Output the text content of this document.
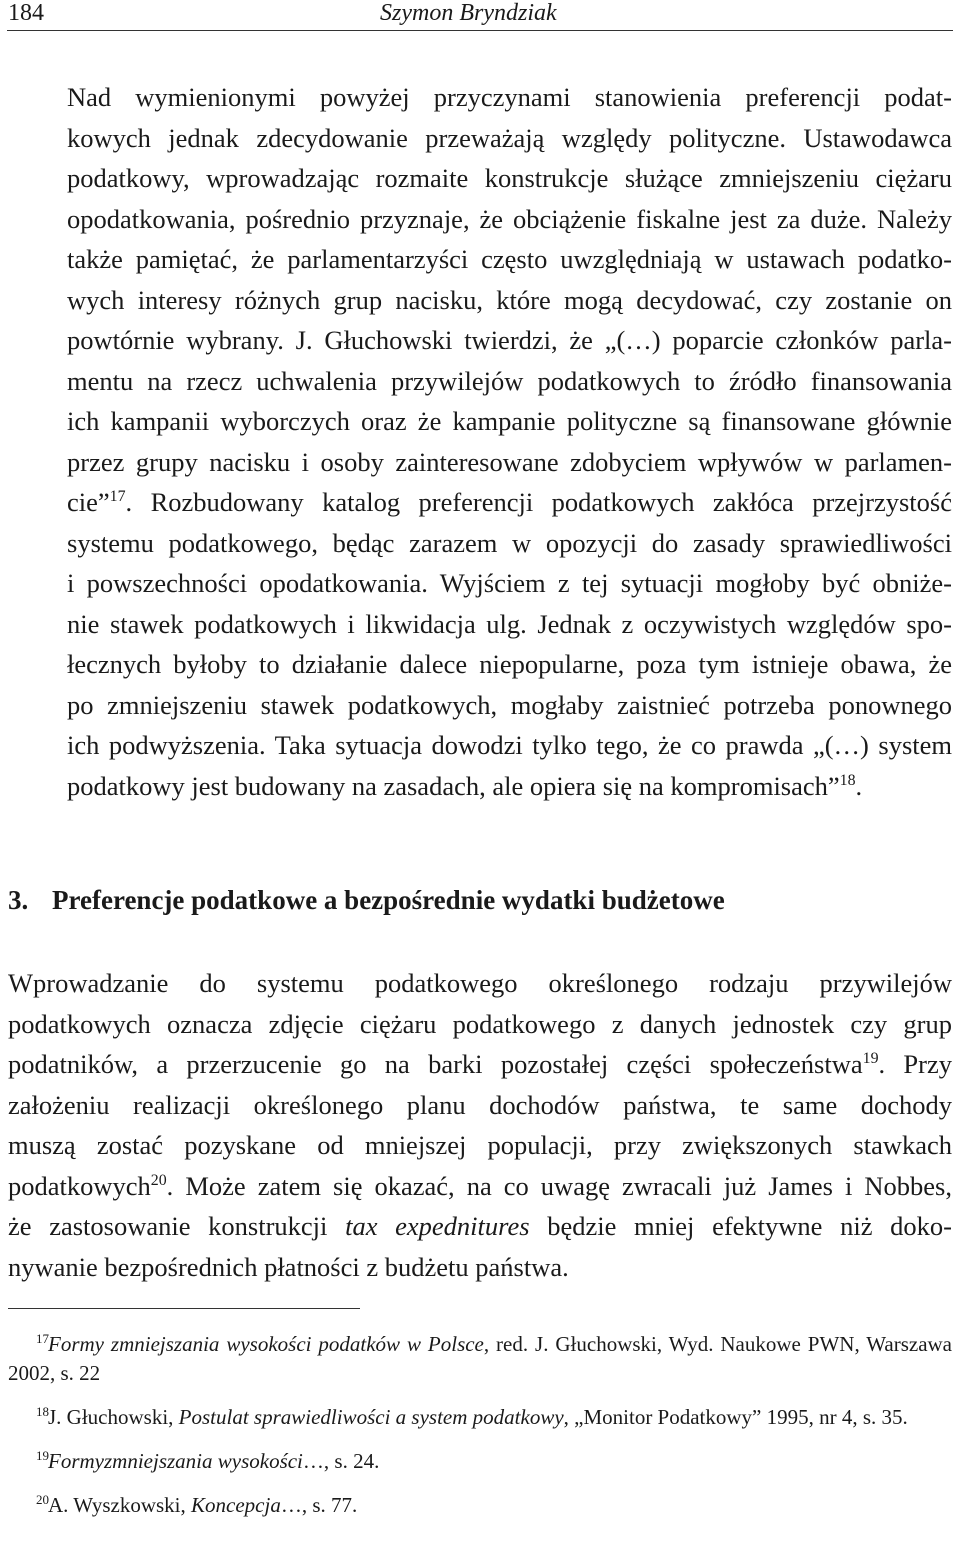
184	Szymon Bryndziak
Nad wymienionymi powyżej przyczynami stanowienia preferencji podat-
kowych jednak zdecydowanie przeważają względy polityczne. Ustawodawca
podatkowy, wprowadzając rozmaite konstrukcje służące zmniejszeniu ciężaru
opodatkowania, pośrednio przyznaje, że obciążenie fiskalne jest za duże. Należy
także pamiętać, że parlamentarzyści często uwzględniają w ustawach podatko-
wych interesy różnych grup nacisku, które mogą decydować, czy zostanie on
powtórnie wybrany. J. Głuchowski twierdzi, że „(…) poparcie członków parla-
mentu na rzecz uchwalenia przywilejów podatkowych to źródło finansowania
ich kampanii wyborczych oraz że kampanie polityczne są finansowane głównie
przez grupy nacisku i osoby zainteresowane zdobyciem wpływów w parlamen-
cie”$^{17}$. Rozbudowany katalog preferencji podatkowych zakłóca przejrzystość
systemu podatkowego, będąc zarazem w opozycji do zasady sprawiedliwości
i powszechności opodatkowania. Wyjściem z tej sytuacji mogłoby być obniże-
nie stawek podatkowych i likwidacja ulg. Jednak z oczywistych względów spo-
łecznych byłoby to działanie dalece niepopularne, poza tym istnieje obawa, że
po zmniejszeniu stawek podatkowych, mogłaby zaistnieć potrzeba ponownego
ich podwyższenia. Taka sytuacja dowodzi tylko tego, że co prawda „(…) system
podatkowy jest budowany na zasadach, ale opiera się na kompromisach”$^{18}$.
3. Preferencje podatkowe a bezpośrednie wydatki budżetowe
Wprowadzanie do systemu podatkowego określonego rodzaju przywilejów
podatkowych oznacza zdjęcie ciężaru podatkowego z danych jednostek czy grup
podatników, a przerzucenie go na barki pozostałej części społeczeństwa$^{19}$. Przy
założeniu realizacji określonego planu dochodów państwa, te same dochody
muszą zostać pozyskane od mniejszej populacji, przy zwiększonych stawkach
podatkowych$^{20}$. Może zatem się okazać, na co uwagę zwracali już James i Nobbes,
że zastosowanie konstrukcji tax expednitures będzie mniej efektywne niż doko-
nywanie bezpośrednich płatności z budżetu państwa.

17Formy zmniejszania wysokości podatków w Polsce, red. J. Głuchowski, Wyd. Naukowe PWN, Warszawa 2002, s. 22

18J. Głuchowski, Postulat sprawiedliwości a system podatkowy, „Monitor Podatkowy” 1995, nr 4, s. 35.

19Formyzmniejszania wysokości…, s. 24.

20A. Wyszkowski, Koncepcja…, s. 77.
